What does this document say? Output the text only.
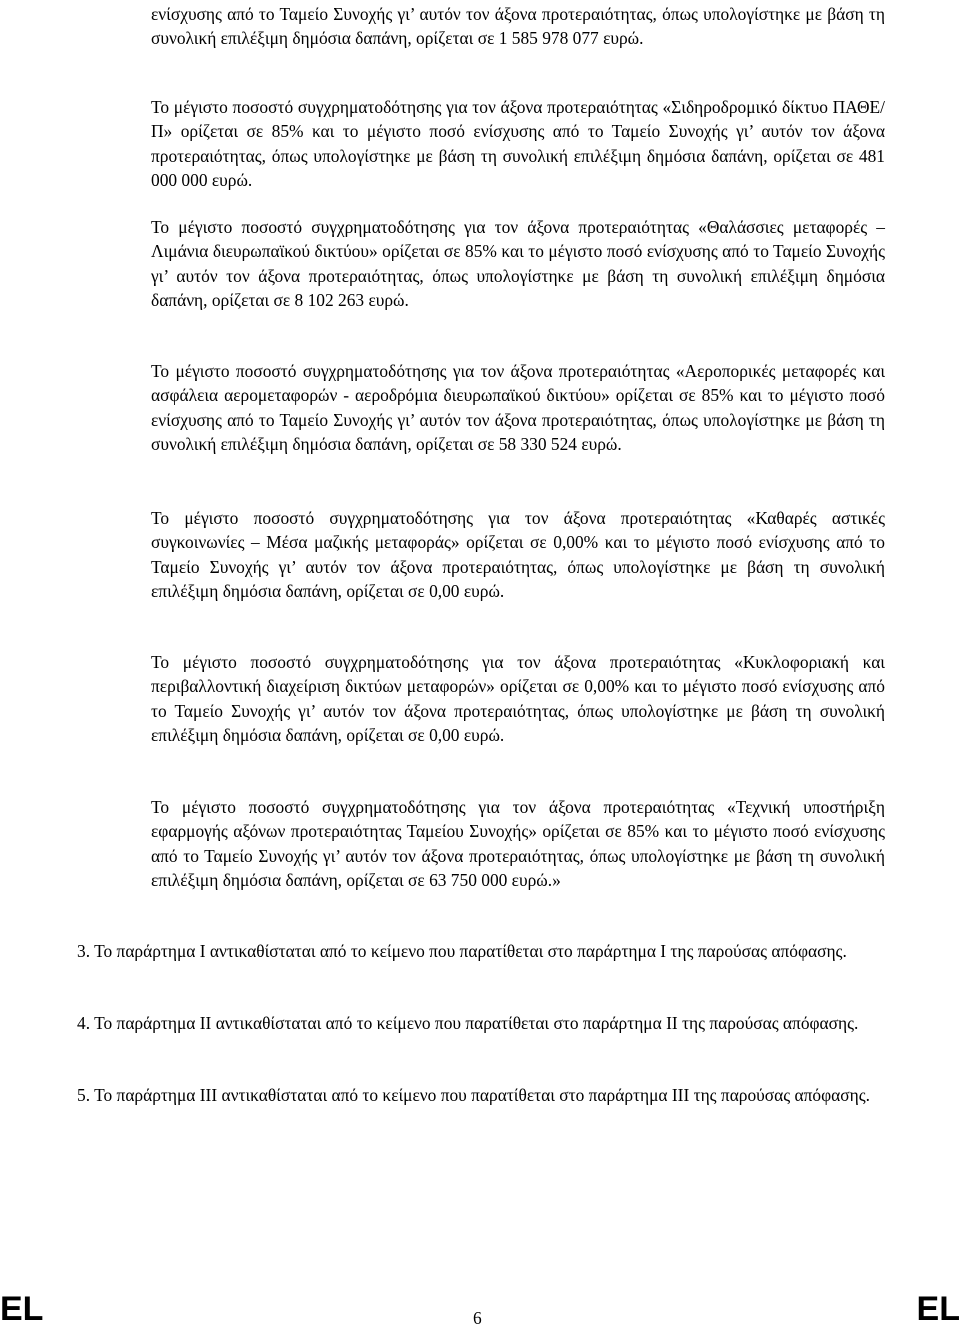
ενίσχυσης από το Ταμείο Συνοχής γι’ αυτόν τον άξονα προτεραιότητας, όπως υπολογίστηκε με βάση τη συνολική επιλέξιμη δημόσια δαπάνη, ορίζεται σε 1 585 978 077 ευρώ.

Το μέγιστο ποσοστό συγχρηματοδότησης για τον άξονα προτεραιότητας «Σιδηροδρομικό δίκτυο ΠΑΘΕ/Π» ορίζεται σε 85% και το μέγιστο ποσό ενίσχυσης από το Ταμείο Συνοχής γι’ αυτόν τον άξονα προτεραιότητας, όπως υπολογίστηκε με βάση τη συνολική επιλέξιμη δημόσια δαπάνη, ορίζεται σε 481 000 000 ευρώ.

Το μέγιστο ποσοστό συγχρηματοδότησης για τον άξονα προτεραιότητας «Θαλάσσιες μεταφορές – Λιμάνια διευρωπαϊκού δικτύου» ορίζεται σε 85% και το μέγιστο ποσό ενίσχυσης από το Ταμείο Συνοχής γι’ αυτόν τον άξονα προτεραιότητας, όπως υπολογίστηκε με βάση τη συνολική επιλέξιμη δημόσια δαπάνη, ορίζεται σε 8 102 263 ευρώ.

Το μέγιστο ποσοστό συγχρηματοδότησης για τον άξονα προτεραιότητας «Αεροπορικές μεταφορές και ασφάλεια αερομεταφορών - αεροδρόμια διευρωπαϊκού δικτύου» ορίζεται σε 85% και το μέγιστο ποσό ενίσχυσης από το Ταμείο Συνοχής γι’ αυτόν τον άξονα προτεραιότητας, όπως υπολογίστηκε με βάση τη συνολική επιλέξιμη δημόσια δαπάνη, ορίζεται σε 58 330 524 ευρώ.

Το μέγιστο ποσοστό συγχρηματοδότησης για τον άξονα προτεραιότητας «Καθαρές αστικές συγκοινωνίες – Μέσα μαζικής μεταφοράς» ορίζεται σε 0,00% και το μέγιστο ποσό ενίσχυσης από το Ταμείο Συνοχής γι’ αυτόν τον άξονα προτεραιότητας, όπως υπολογίστηκε με βάση τη συνολική επιλέξιμη δημόσια δαπάνη, ορίζεται σε 0,00 ευρώ.

Το μέγιστο ποσοστό συγχρηματοδότησης για τον άξονα προτεραιότητας «Κυκλοφοριακή και περιβαλλοντική διαχείριση δικτύων μεταφορών» ορίζεται σε 0,00% και το μέγιστο ποσό ενίσχυσης από το Ταμείο Συνοχής γι’ αυτόν τον άξονα προτεραιότητας, όπως υπολογίστηκε με βάση τη συνολική επιλέξιμη δημόσια δαπάνη, ορίζεται σε 0,00 ευρώ.

Το μέγιστο ποσοστό συγχρηματοδότησης για τον άξονα προτεραιότητας «Τεχνική υποστήριξη εφαρμογής αξόνων προτεραιότητας Ταμείου Συνοχής» ορίζεται σε 85% και το μέγιστο ποσό ενίσχυσης από το Ταμείο Συνοχής γι’ αυτόν τον άξονα προτεραιότητας, όπως υπολογίστηκε με βάση τη συνολική επιλέξιμη δημόσια δαπάνη, ορίζεται σε 63 750 000 ευρώ.»

3. Το παράρτημα I αντικαθίσταται από το κείμενο που παρατίθεται στο παράρτημα I της παρούσας απόφασης.

4. Το παράρτημα II αντικαθίσταται από το κείμενο που παρατίθεται στο παράρτημα II της παρούσας απόφασης.

5. Το παράρτημα III αντικαθίσταται από το κείμενο που παρατίθεται στο παράρτημα III της παρούσας απόφασης.

EL	6	EL
